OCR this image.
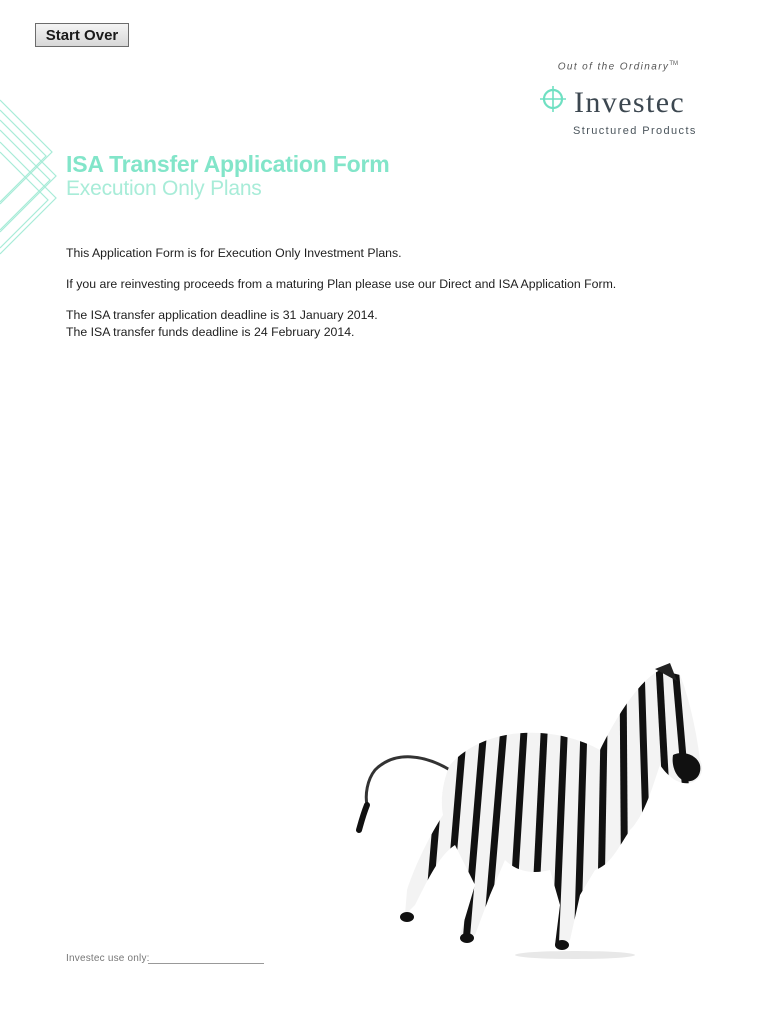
Start Over
Out of the Ordinary™
Investec
Structured Products
ISA Transfer Application Form
Execution Only Plans

This Application Form is for Execution Only Investment Plans.

If you are reinvesting proceeds from a maturing Plan please use our Direct and ISA Application Form.

The ISA transfer application deadline is 31 January 2014.

The ISA transfer funds deadline is 24 February 2014.

Investec use only:
